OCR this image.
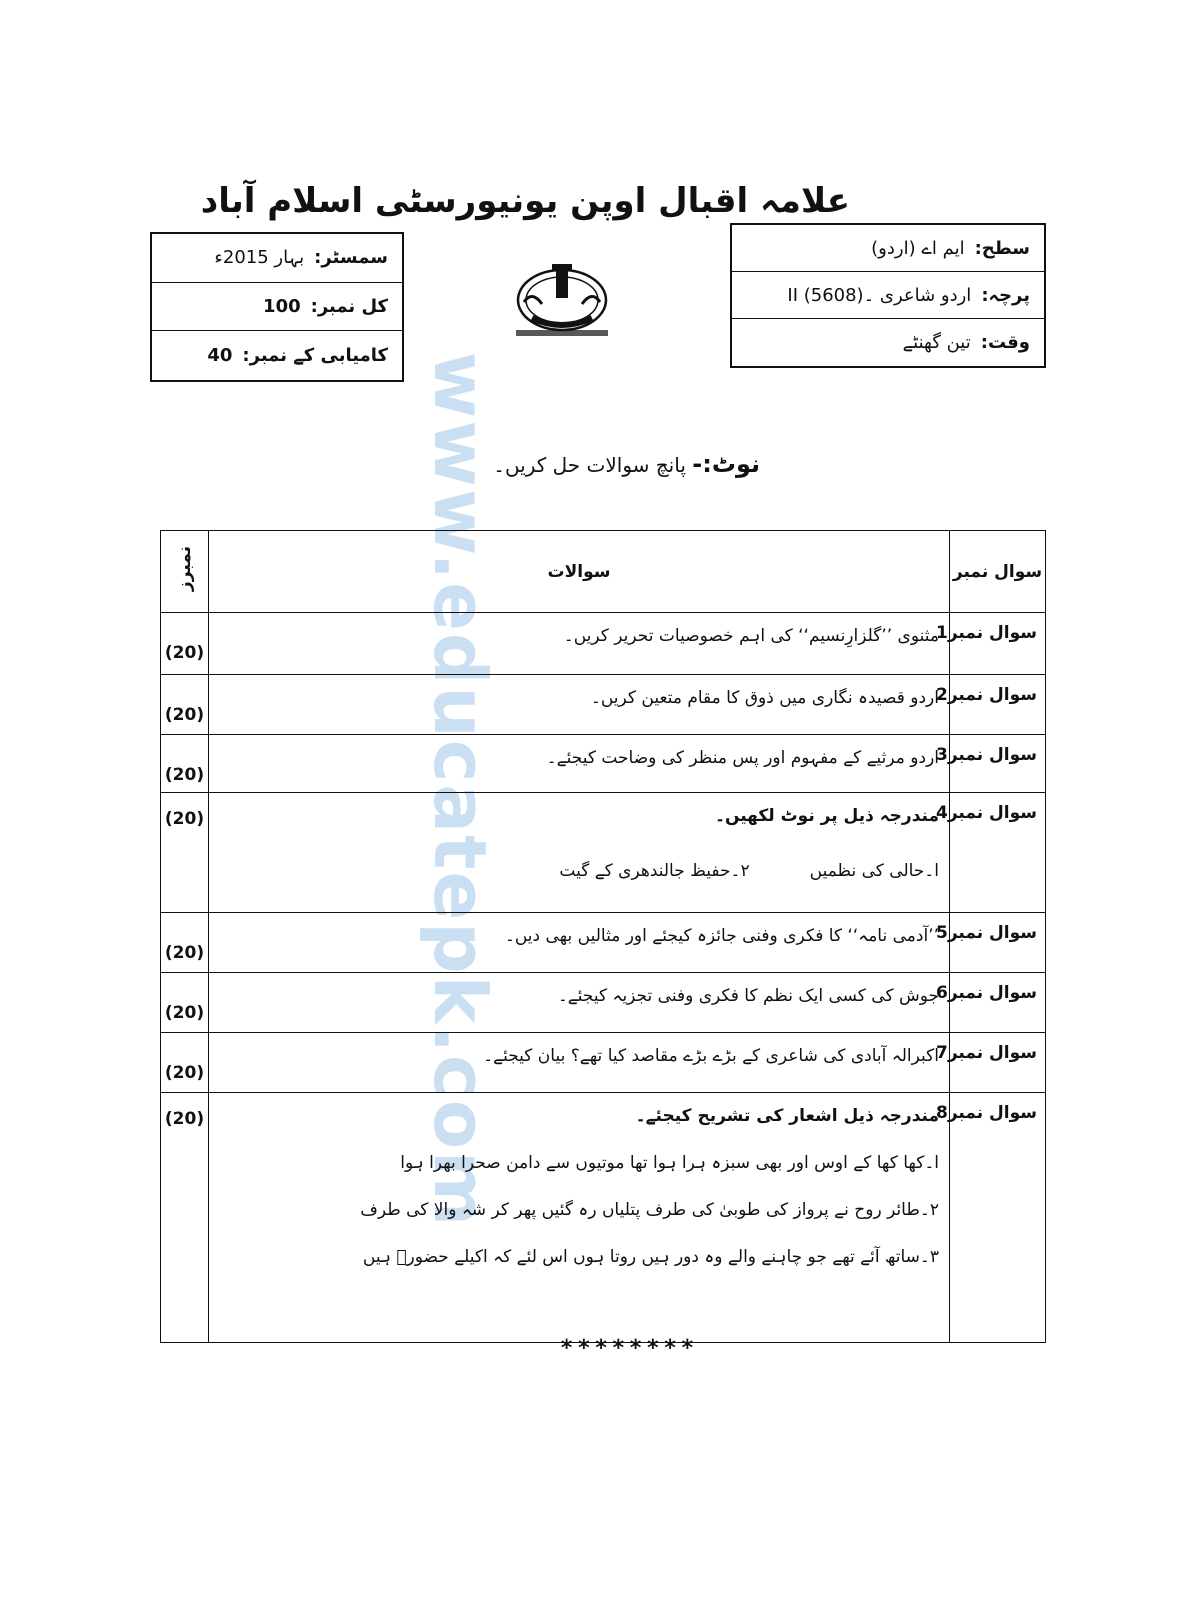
علامہ اقبال اوپن یونیورسٹی اسلام آباد
سمسٹر:
بہار 2015ء
کل نمبر:
100
کامیابی کے نمبر:
40
سطح:
ایم اے (اردو)
پرچہ:
اردو شاعری ۔II (5608)
وقت:
تین گھنٹے
www.educatepk.com	نوٹ:- پانچ سوالات حل کریں۔
سوال نمبر	سوالات	نمبرز
سوال نمبر1	مثنوی ’’گلزارِنسیم‘‘ کی اہم خصوصیات تحریر کریں۔	(20)
سوال نمبر2	اردو قصیدہ نگاری میں ذوق کا مقام متعین کریں۔	(20)
سوال نمبر3	اردو مرثیے کے مفہوم اور پس منظر کی وضاحت کیجئے۔	(20)
سوال نمبر4	مندرجہ ذیل پر نوٹ لکھیں۔
ا۔حالی کی نظمیں
۲۔حفیظ جالندھری کے گیت	(20)
سوال نمبر5	’’آدمی نامہ‘‘ کا فکری وفنی جائزہ کیجئے اور مثالیں بھی دیں۔	(20)
سوال نمبر6	جوش کی کسی ایک نظم کا فکری وفنی تجزیہ کیجئے۔	(20)
سوال نمبر7	اکبرالہ آبادی کی شاعری کے بڑے بڑے مقاصد کیا تھے؟ بیان کیجئے۔	(20)
سوال نمبر8	مندرجہ ذیل اشعار کی تشریح کیجئے۔
ا۔کھا کھا کے اوس اور بھی سبزہ ہرا ہوا تھا موتیوں سے دامن صحرا بھرا ہوا
۲۔طائر روح نے پرواز کی طوبیٰ کی طرف پتلیاں رہ گئیں پھر کر شہ والا کی طرف
۳۔ساتھ آئے تھے جو چاہنے والے وہ دور ہیں روتا ہوں اس لئے کہ اکیلے حضورؐ ہیں	(20)
********
